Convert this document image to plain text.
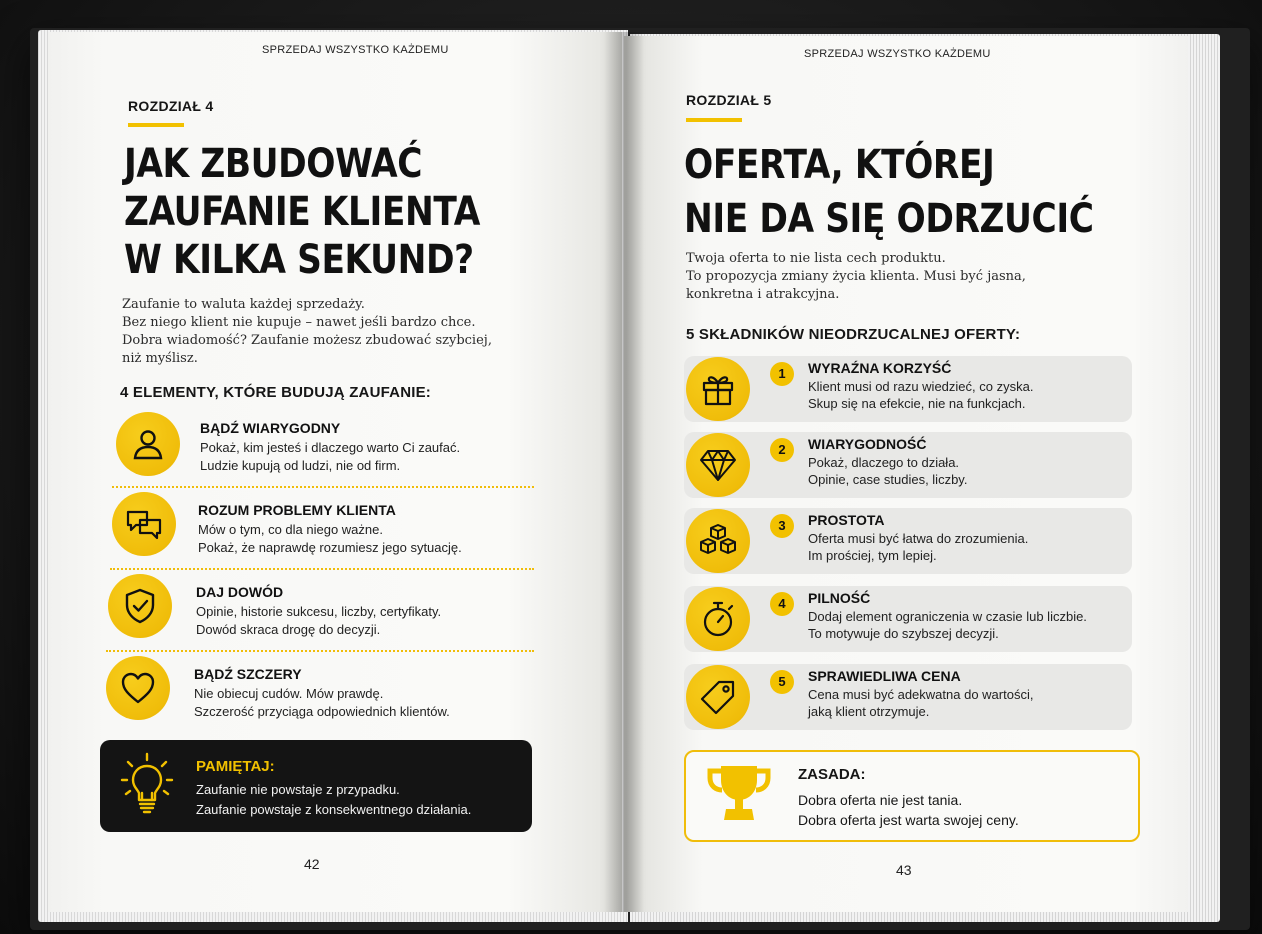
SPRZEDAJ WSZYSTKO KAŻDEMU
ROZDZIAŁ 4
JAK ZBUDOWAĆ
ZAUFANIE KLIENTA
W KILKA SEKUND?
Zaufanie to waluta każdej sprzedaży.
Bez niego klient nie kupuje – nawet jeśli bardzo chce.
Dobra wiadomość? Zaufanie możesz zbudować szybciej,
niż myślisz.
4 ELEMENTY, KTÓRE BUDUJĄ ZAUFANIE:
BĄDŹ WIARYGODNY
Pokaż, kim jesteś i dlaczego warto Ci zaufać.
Ludzie kupują od ludzi, nie od firm.
ROZUM PROBLEMY KLIENTA
Mów o tym, co dla niego ważne.
Pokaż, że naprawdę rozumiesz jego sytuację.
DAJ DOWÓD
Opinie, historie sukcesu, liczby, certyfikaty.
Dowód skraca drogę do decyzji.
BĄDŹ SZCZERY
Nie obiecuj cudów. Mów prawdę.
Szczerość przyciąga odpowiednich klientów.
PAMIĘTAJ:
Zaufanie nie powstaje z przypadku.
Zaufanie powstaje z konsekwentnego działania.
42
SPRZEDAJ WSZYSTKO KAŻDEMU
ROZDZIAŁ 5
OFERTA, KTÓREJ
NIE DA SIĘ ODRZUCIĆ
Twoja oferta to nie lista cech produktu.
To propozycja zmiany życia klienta. Musi być jasna,
konkretna i atrakcyjna.
5 SKŁADNIKÓW NIEODRZUCALNEJ OFERTY:
1	WYRAŹNA KORZYŚĆ
Klient musi od razu wiedzieć, co zyska.
Skup się na efekcie, nie na funkcjach.
2	WIARYGODNOŚĆ
Pokaż, dlaczego to działa.
Opinie, case studies, liczby.
3	PROSTOTA
Oferta musi być łatwa do zrozumienia.
Im prościej, tym lepiej.
4	PILNOŚĆ
Dodaj element ograniczenia w czasie lub liczbie.
To motywuje do szybszej decyzji.
5	SPRAWIEDLIWA CENA
Cena musi być adekwatna do wartości,
jaką klient otrzymuje.
ZASADA:
Dobra oferta nie jest tania.
Dobra oferta jest warta swojej ceny.
43
